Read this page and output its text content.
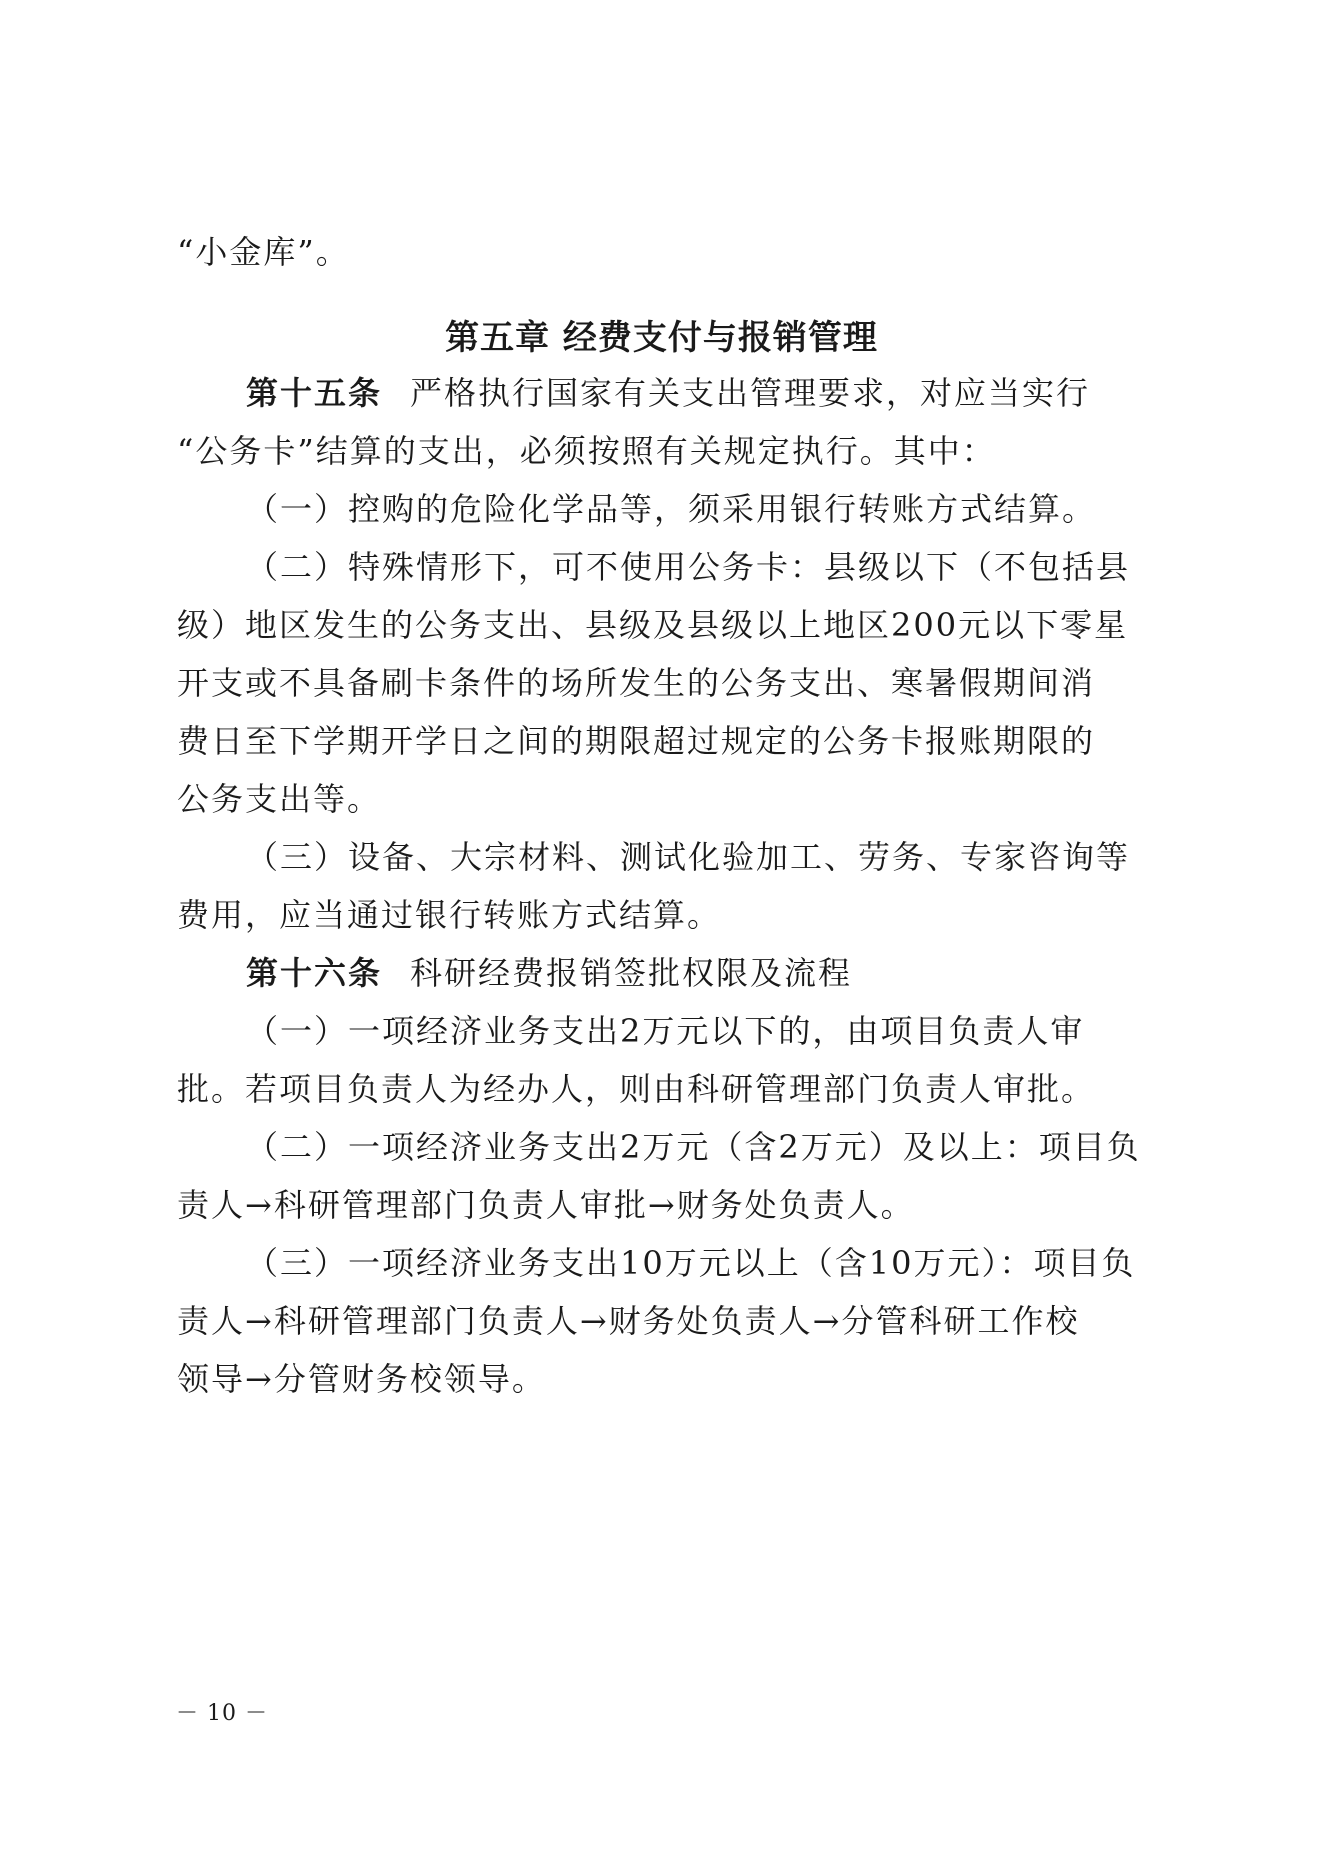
“小金库”。
第五章 经费支付与报销管理
第十五条 严格执行国家有关支出管理要求，对应当实行
“公务卡”结算的支出，必须按照有关规定执行。其中：
（一）控购的危险化学品等，须采用银行转账方式结算。
（二）特殊情形下，可不使用公务卡：县级以下（不包括县
级）地区发生的公务支出、县级及县级以上地区200元以下零星
开支或不具备刷卡条件的场所发生的公务支出、寒暑假期间消
费日至下学期开学日之间的期限超过规定的公务卡报账期限的
公务支出等。
（三）设备、大宗材料、测试化验加工、劳务、专家咨询等
费用，应当通过银行转账方式结算。
第十六条 科研经费报销签批权限及流程
（一）一项经济业务支出2万元以下的，由项目负责人审
批。若项目负责人为经办人，则由科研管理部门负责人审批。
（二）一项经济业务支出2万元（含2万元）及以上：项目负
责人→科研管理部门负责人审批→财务处负责人。
（三）一项经济业务支出10万元以上（含10万元）：项目负
责人→科研管理部门负责人→财务处负责人→分管科研工作校
领导→分管财务校领导。
－ 10 －
